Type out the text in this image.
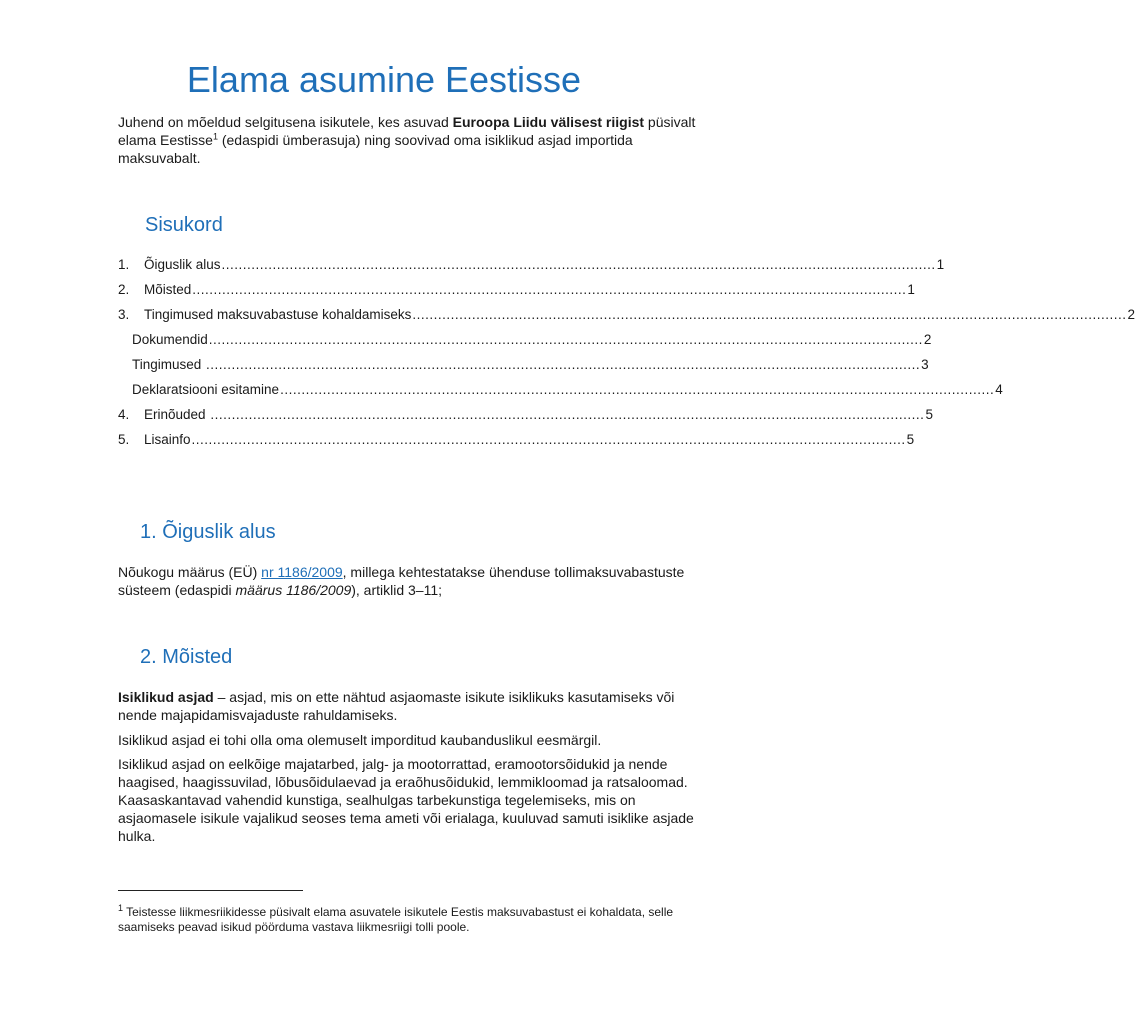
Elama asumine Eestisse
Juhend on mõeldud selgitusena isikutele, kes asuvad Euroopa Liidu välisest riigist püsivalt elama Eestisse$^1$ (edaspidi ümberasuja) ning soovivad oma isiklikud asjad importida maksuvabalt.
Sisukord
1.	Õiguslik alus ........................................................................................................................................................................ 1
2.	Mõisted ........................................................................................................................................................................ 1
3.	Tingimused maksuvabastuse kohaldamiseks ........................................................................................................................................................................ 2
Dokumendid ........................................................................................................................................................................ 2
Tingimused ........................................................................................................................................................................ 3
Deklaratsiooni esitamine ........................................................................................................................................................................ 4
4.	Erinõuded ........................................................................................................................................................................ 5
5.	Lisainfo ........................................................................................................................................................................ 5
1. Õiguslik alus
Nõukogu määrus (EÜ) nr 1186/2009, millega kehtestatakse ühenduse tollimaksuvabastuste süsteem (edaspidi määrus 1186/2009), artiklid 3–11;
2. Mõisted
Isiklikud asjad – asjad, mis on ette nähtud asjaomaste isikute isiklikuks kasutamiseks või nende majapidamisvajaduste rahuldamiseks.
Isiklikud asjad ei tohi olla oma olemuselt imporditud kaubanduslikul eesmärgil.
Isiklikud asjad on eelkõige majatarbed, jalg- ja mootorrattad, eramootorsõidukid ja nende haagised, haagissuvilad, lõbusõidulaevad ja eraõhusõidukid, lemmikloomad ja ratsaloomad. Kaasaskantavad vahendid kunstiga, sealhulgas tarbekunstiga tegelemiseks, mis on asjaomasele isikule vajalikud seoses tema ameti või erialaga, kuuluvad samuti isiklike asjade hulka.
$^1$ Teistesse liikmesriikidesse püsivalt elama asuvatele isikutele Eestis maksuvabastust ei kohaldata, selle saamiseks peavad isikud pöörduma vastava liikmesriigi tolli poole.
